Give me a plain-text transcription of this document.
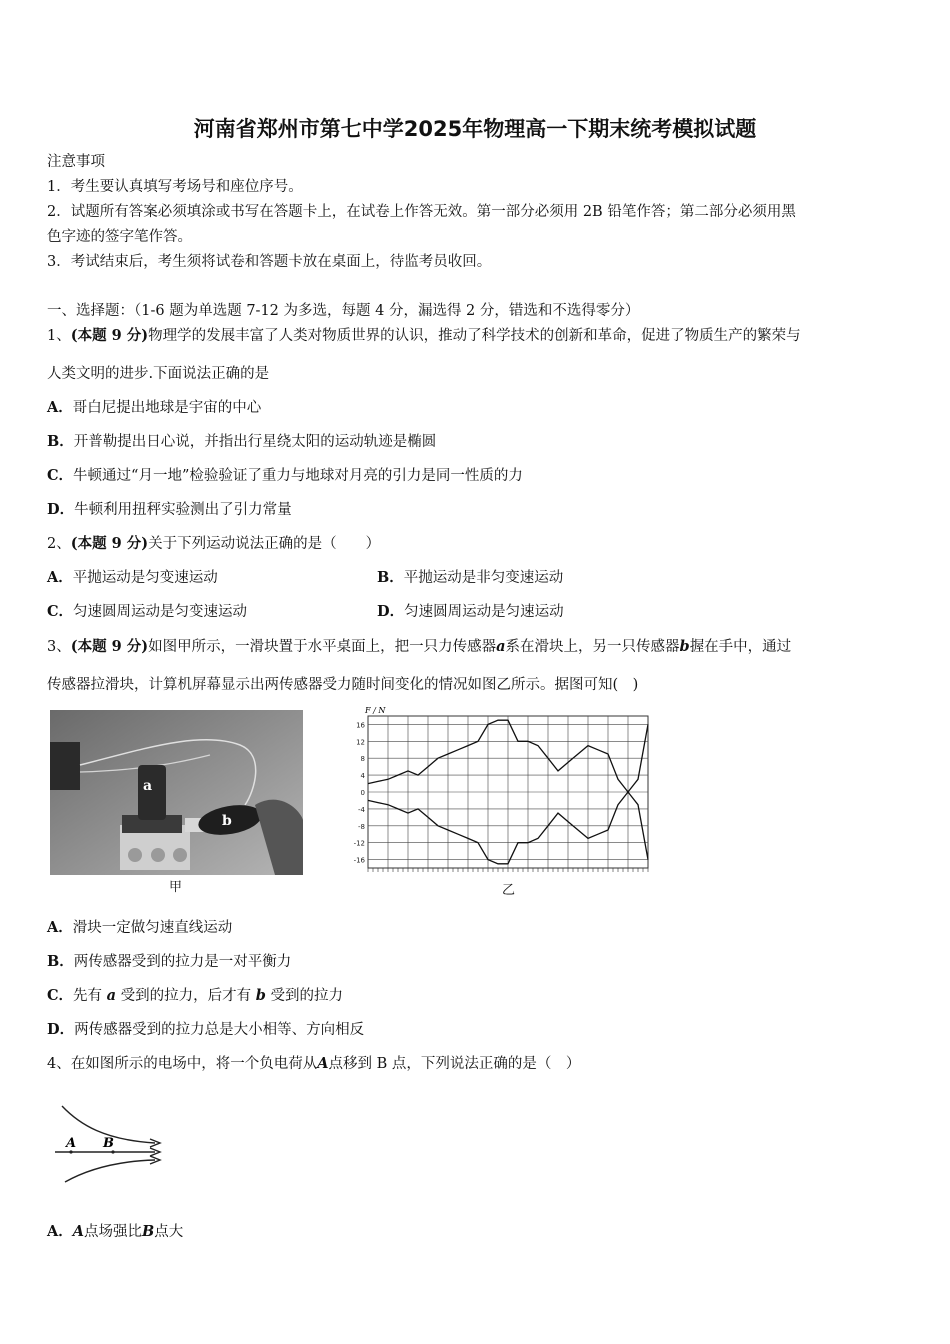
河南省郑州市第七中学2025年物理高一下期末统考模拟试题
注意事项
1．考生要认真填写考场号和座位序号。
2．试题所有答案必须填涂或书写在答题卡上，在试卷上作答无效。第一部分必须用 2B 铅笔作答；第二部分必须用黑
色字迹的签字笔作答。
3．考试结束后，考生须将试卷和答题卡放在桌面上，待监考员收回。
一、选择题：（1-6 题为单选题 7-12 为多选，每题 4 分，漏选得 2 分，错选和不选得零分）
1、(本题 9 分)物理学的发展丰富了人类对物质世界的认识，推动了科学技术的创新和革命，促进了物质生产的繁荣与
人类文明的进步.下面说法正确的是
A．哥白尼提出地球是宇宙的中心
B．开普勒提出日心说，并指出行星绕太阳的运动轨迹是椭圆
C．牛顿通过“月一地”检验验证了重力与地球对月亮的引力是同一性质的力
D．牛顿利用扭秤实验测出了引力常量
2、(本题 9 分)关于下列运动说法正确的是（　　）
A．平抛运动是匀变速运动	B．平抛运动是非匀变速运动
C．匀速圆周运动是匀变速运动	D．匀速圆周运动是匀速运动
3、(本题 9 分)如图甲所示，一滑块置于水平桌面上，把一只力传感器a系在滑块上，另一只传感器b握在手中，通过
传感器拉滑块，计算机屏幕显示出两传感器受力随时间变化的情况如图乙所示。据图可知(　)
a
b
甲
16
12
8
4
0
-4
-8
-12
-16
F / N
乙
A．滑块一定做匀速直线运动
B．两传感器受到的拉力是一对平衡力
C．先有 a 受到的拉力，后才有 b 受到的拉力
D．两传感器受到的拉力总是大小相等、方向相反
4、在如图所示的电场中，将一个负电荷从A点移到 B 点，下列说法正确的是（　）
A B
A．A点场强比B点大
